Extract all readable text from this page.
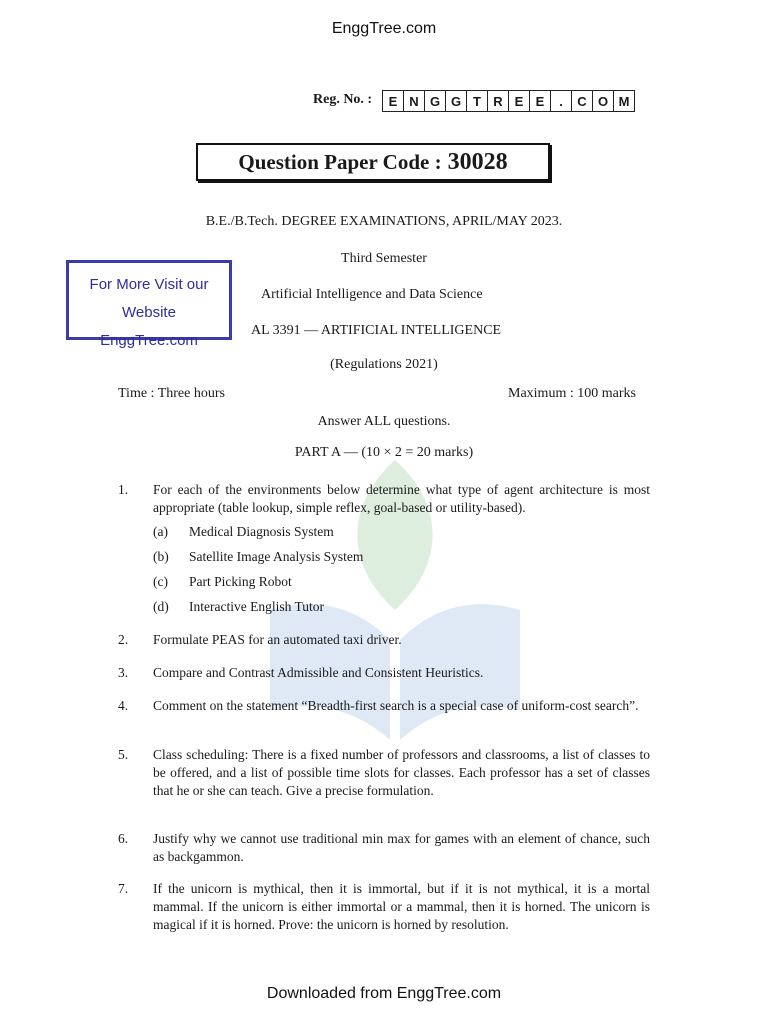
EnggTree.com
Reg. No. :	E N G G T R E E	.	C O M
Question Paper Code : 30028
B.E./B.Tech. DEGREE EXAMINATIONS, APRIL/MAY 2023.
Third Semester
Artificial Intelligence and Data Science
AL 3391 — ARTIFICIAL INTELLIGENCE
(Regulations 2021)
For More Visit our Website
EnggTree.com
Time : Three hours	Maximum : 100 marks
Answer ALL questions.
PART A — (10 × 2 = 20 marks)
1. For each of the environments below determine what type of agent architecture is most appropriate (table lookup, simple reflex, goal-based or utility-based).
(a) Medical Diagnosis System
(b) Satellite Image Analysis System
(c) Part Picking Robot
(d) Interactive English Tutor
2. Formulate PEAS for an automated taxi driver.
3. Compare and Contrast Admissible and Consistent Heuristics.
4. Comment on the statement “Breadth-first search is a special case of uniform-cost search”.
5. Class scheduling: There is a fixed number of professors and classrooms, a list of classes to be offered, and a list of possible time slots for classes. Each professor has a set of classes that he or she can teach. Give a precise formulation.
6. Justify why we cannot use traditional min max for games with an element of chance, such as backgammon.
7. If the unicorn is mythical, then it is immortal, but if it is not mythical, it is a mortal mammal. If the unicorn is either immortal or a mammal, then it is horned. The unicorn is magical if it is horned. Prove: the unicorn is horned by resolution.
Downloaded from EnggTree.com
